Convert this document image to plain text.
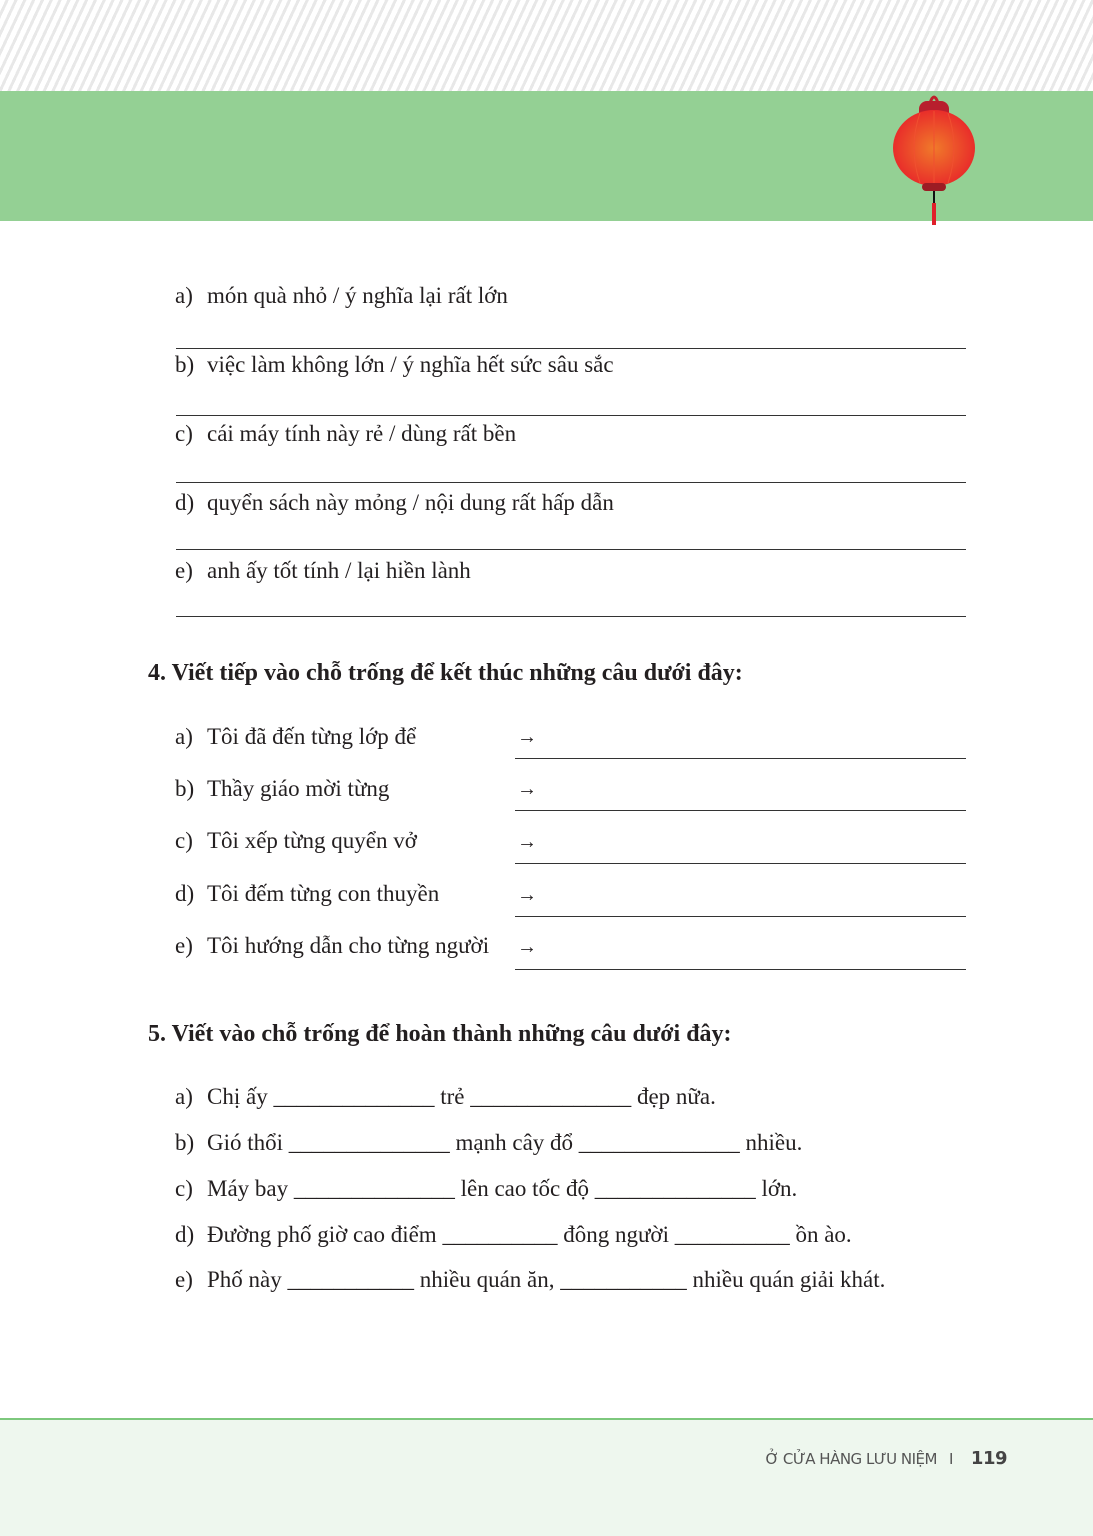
a) món quà nhỏ / ý nghĩa lại rất lớn
b) việc làm không lớn / ý nghĩa hết sức sâu sắc
c) cái máy tính này rẻ / dùng rất bền
d) quyển sách này mỏng / nội dung rất hấp dẫn
e) anh ấy tốt tính / lại hiền lành
4. Viết tiếp vào chỗ trống để kết thúc những câu dưới đây:
a) Tôi đã đến từng lớp để	→
b) Thầy giáo mời từng	→
c) Tôi xếp từng quyển vở	→
d) Tôi đếm từng con thuyền	→
e) Tôi hướng dẫn cho từng người →
5. Viết vào chỗ trống để hoàn thành những câu dưới đây:
a) Chị ấy ______________ trẻ ______________ đẹp nữa.
b) Gió thổi ______________ mạnh cây đổ ______________ nhiều.
c) Máy bay ______________ lên cao tốc độ ______________ lớn.
d) Đường phố giờ cao điểm __________ đông người __________ ồn ào.
e) Phố này ___________ nhiều quán ăn, ___________ nhiều quán giải khát.
Ở CỬA HÀNG LƯU NIỆM I 119
